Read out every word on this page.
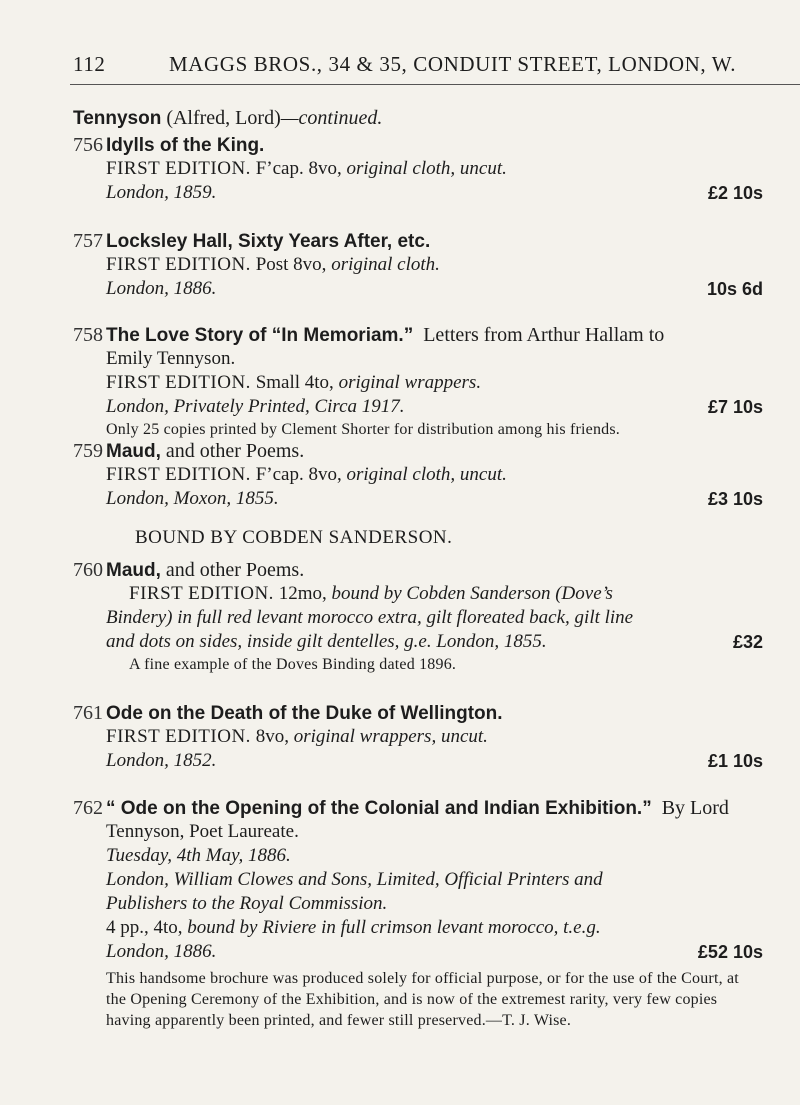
112	MAGGS BROS., 34 & 35, CONDUIT STREET, LONDON, W.
Tennyson (Alfred, Lord)—continued.
756 Idylls of the King.

FIRST EDITION. F’cap. 8vo, original cloth, uncut.
London, 1859.	£2 10s
757 Locksley Hall, Sixty Years After, etc.

FIRST EDITION. Post 8vo, original cloth.
London, 1886.	10s 6d
758 The Love Story of “In Memoriam.”  Letters from Arthur Hallam to

Emily Tennyson.
FIRST EDITION. Small 4to, original wrappers.
London, Privately Printed, Circa 1917.	£7 10s
Only 25 copies printed by Clement Shorter for distribution among his friends.
759 Maud, and other Poems.

FIRST EDITION. F’cap. 8vo, original cloth, uncut.
London, Moxon, 1855.	£3 10s
BOUND BY COBDEN SANDERSON.
760 Maud, and other Poems.

FIRST EDITION. 12mo, bound by Cobden Sanderson (Dove’s
Bindery) in full red levant morocco extra, gilt floreated back, gilt line
and dots on sides, inside gilt dentelles, g.e. London, 1855.	£32
A fine example of the Doves Binding dated 1896.
761 Ode on the Death of the Duke of Wellington.

FIRST EDITION. 8vo, original wrappers, uncut.
London, 1852.	£1 10s
762 “ Ode on the Opening of the Colonial and Indian Exhibition.”  By Lord

Tennyson, Poet Laureate.
Tuesday, 4th May, 1886.
London, William Clowes and Sons, Limited, Official Printers and
Publishers to the Royal Commission.
4 pp., 4to, bound by Riviere in full crimson levant morocco, t.e.g.
London, 1886.	£52 10s
This handsome brochure was produced solely for official purpose, or for the use of the Court, at the Opening Ceremony of the Exhibition, and is now of the extremest rarity, very few copies having apparently been printed, and fewer still preserved.—T. J. Wise.
